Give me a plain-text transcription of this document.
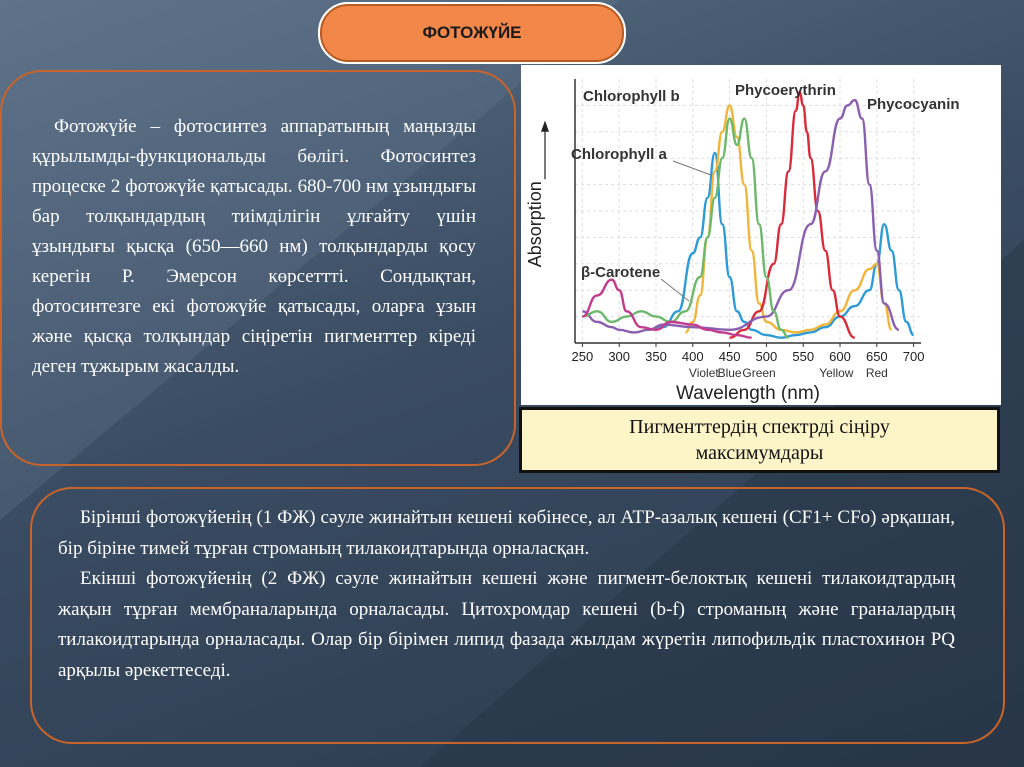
ФОТОЖҮЙЕ

Фотожүйе – фотосинтез аппаратының маңызды құрылымды-функциональды бөлігі. Фотосинтез процеске 2 фотожүйе қатысады. 680-700 нм ұзындығы бар толқындардың тиімділігін ұлғайту үшін ұзындығы қысқа (650—660 нм) толқындарды қосу керегін Р. Эмерсон көрсеттті. Сондықтан, фотосинтезге екі фотожүйе қатысады, оларға ұзын және қысқа толқындар сіңіретін пигменттер кіреді деген тұжырым жасалды.	250 300 350 400 450 500 550 600 650 700
Violet
Blue Green	Yellow Red
Wavelength (nm)
Absorption
Chlorophyll a
Chlorophyll b	Phycoerythrin
Phycocyanin
β-Carotene
Пигменттердің спектрді сіңіру
максимумдары

Бірінші фотожүйенің (1 ФЖ) сәуле жинайтын кешені көбінесе, ал АТР-азалық кешені (CF1+ CFo) әрқашан, бір біріне тимей тұрған строманың тилакоидтарында орналасқан.

Екінші фотожүйенің (2 ФЖ) сәуле жинайтын кешені және пигмент-белоктық кешені тилакоидтардың жақын тұрған мембраналарында орналасады. Цитохромдар кешені (b-f) строманың және граналардың тилакоидтарында орналасады. Олар бір бірімен липид фазада жылдам жүретін липофильдік пластохинон PQ арқылы әрекеттеседі.
